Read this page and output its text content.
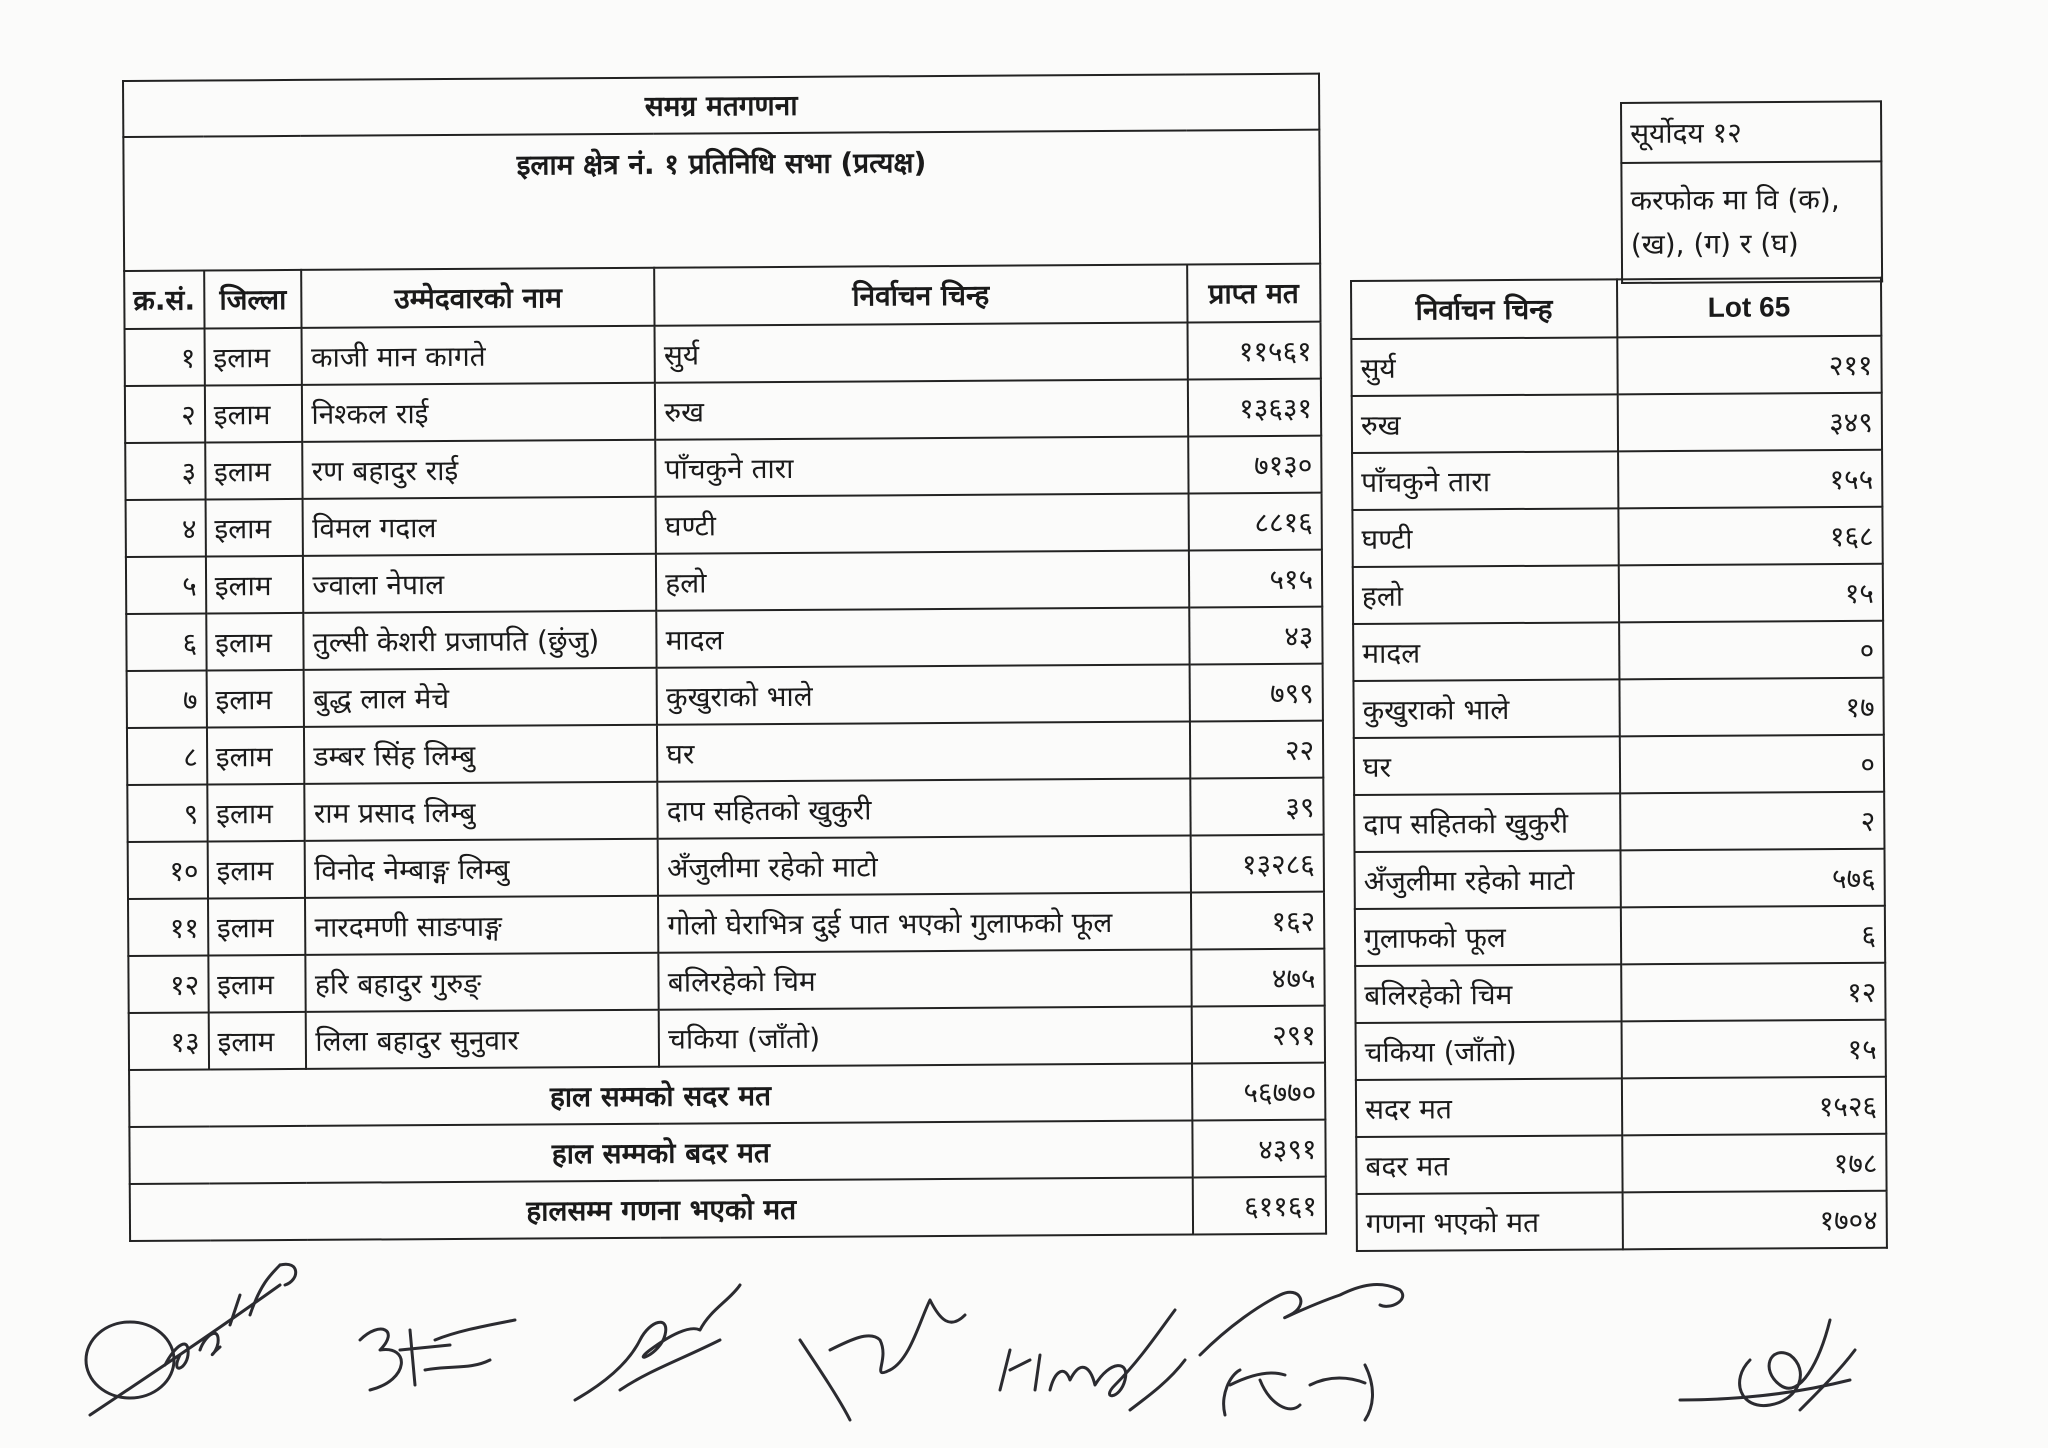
समग्र मतगणना				
इलाम क्षेत्र नं. १ प्रतिनिधि सभा (प्रत्यक्ष)				
क्र.सं.	जिल्ला	उम्मेदवारको नाम	निर्वाचन चिन्ह	प्राप्त मत
१	इलाम	काजी मान कागते	सुर्य	११५६१
२	इलाम	निश्कल राई	रुख	१३६३१
३	इलाम	रण बहादुर राई	पाँचकुने तारा	७१३०
४	इलाम	विमल गदाल	घण्टी	८८१६
५	इलाम	ज्वाला नेपाल	हलो	५१५
६	इलाम	तुल्सी केशरी प्रजापति (छुंजु)	मादल	४३
७	इलाम	बुद्ध लाल मेचे	कुखुराको भाले	७९९
८	इलाम	डम्बर सिंह लिम्बु	घर	२२
९	इलाम	राम प्रसाद लिम्बु	दाप सहितको खुकुरी	३९
१०	इलाम	विनोद नेम्बाङ्ग लिम्बु	अँजुलीमा रहेको माटो	१३२८६
११	इलाम	नारदमणी साङपाङ्ग	गोलो घेराभित्र दुई पात भएको गुलाफको फूल	१६२
१२	इलाम	हरि बहादुर गुरुङ्	बलिरहेको चिम	४७५
१३	इलाम	लिला बहादुर सुनुवार	चकिया (जाँतो)	२९१
हाल सम्मको सदर मत				५६७७०
हाल सम्मको बदर मत				४३९१
हालसम्म गणना भएको मत				६११६१
सूर्योदय १२
करफोक मा वि (क), (ख), (ग) र (घ)
निर्वाचन चिन्ह	Lot 65
सुर्य	२११
रुख	३४९
पाँचकुने तारा	१५५
घण्टी	१६८
हलो	१५
मादल	०
कुखुराको भाले	१७
घर	०
दाप सहितको खुकुरी	२
अँजुलीमा रहेको माटो	५७६
गुलाफको फूल	६
बलिरहेको चिम	१२
चकिया (जाँतो)	१५
सदर मत	१५२६
बदर मत	१७८
गणना भएको मत	१७०४
